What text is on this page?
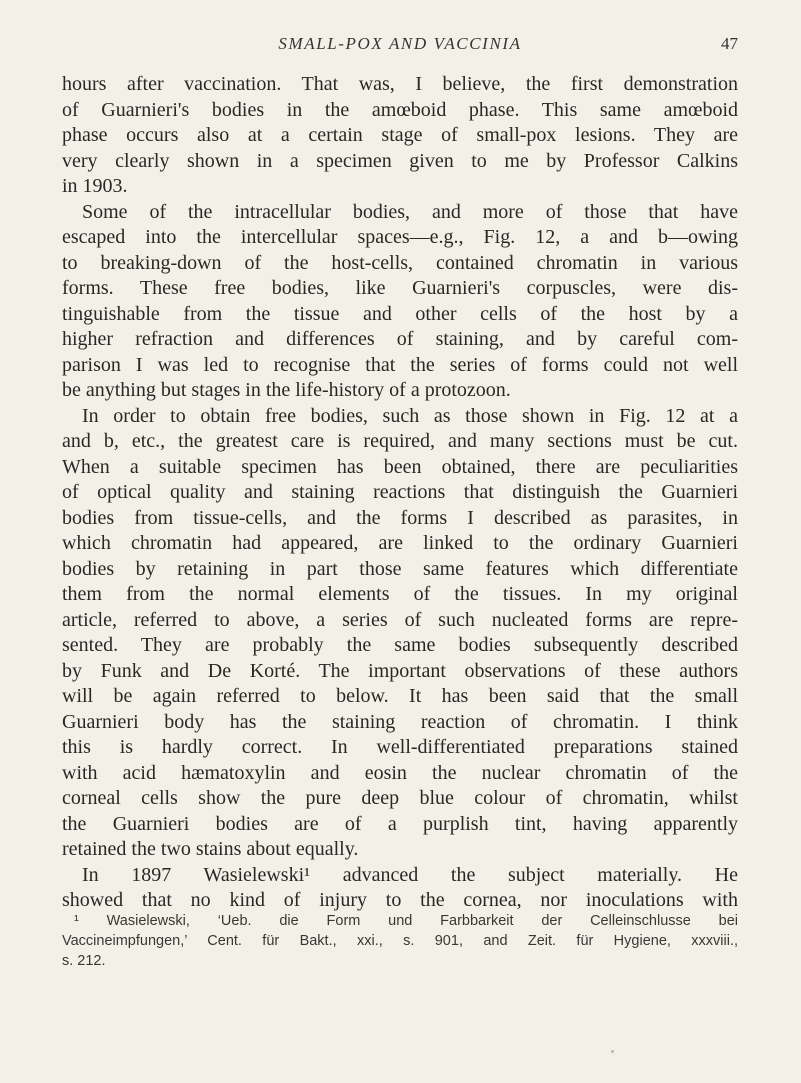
SMALL-POX AND VACCINIA	47
hours after vaccination. That was, I believe, the first demonstration
of Guarnieri's bodies in the amœboid phase. This same amœboid
phase occurs also at a certain stage of small-pox lesions. They are
very clearly shown in a specimen given to me by Professor Calkins
in 1903.
Some of the intracellular bodies, and more of those that have
escaped into the intercellular spaces—e.g., Fig. 12, a and b—owing
to breaking-down of the host-cells, contained chromatin in various
forms. These free bodies, like Guarnieri's corpuscles, were dis-
tinguishable from the tissue and other cells of the host by a
higher refraction and differences of staining, and by careful com-
parison I was led to recognise that the series of forms could not well
be anything but stages in the life-history of a protozoon.
In order to obtain free bodies, such as those shown in Fig. 12 at a
and b, etc., the greatest care is required, and many sections must be cut.
When a suitable specimen has been obtained, there are peculiarities
of optical quality and staining reactions that distinguish the Guarnieri
bodies from tissue-cells, and the forms I described as parasites, in
which chromatin had appeared, are linked to the ordinary Guarnieri
bodies by retaining in part those same features which differentiate
them from the normal elements of the tissues. In my original
article, referred to above, a series of such nucleated forms are repre-
sented. They are probably the same bodies subsequently described
by Funk and De Korté. The important observations of these authors
will be again referred to below. It has been said that the small
Guarnieri body has the staining reaction of chromatin. I think
this is hardly correct. In well-differentiated preparations stained
with acid hæmatoxylin and eosin the nuclear chromatin of the
corneal cells show the pure deep blue colour of chromatin, whilst
the Guarnieri bodies are of a purplish tint, having apparently
retained the two stains about equally.
In 1897 Wasielewski¹ advanced the subject materially. He
showed that no kind of injury to the cornea, nor inoculations with
¹ Wasielewski, ‘Ueb. die Form und Farbbarkeit der Celleinschlusse bei
Vaccineimpfungen,’ Cent. für Bakt., xxi., s. 901, and Zeit. für Hygiene, xxxviii.,
s. 212.
